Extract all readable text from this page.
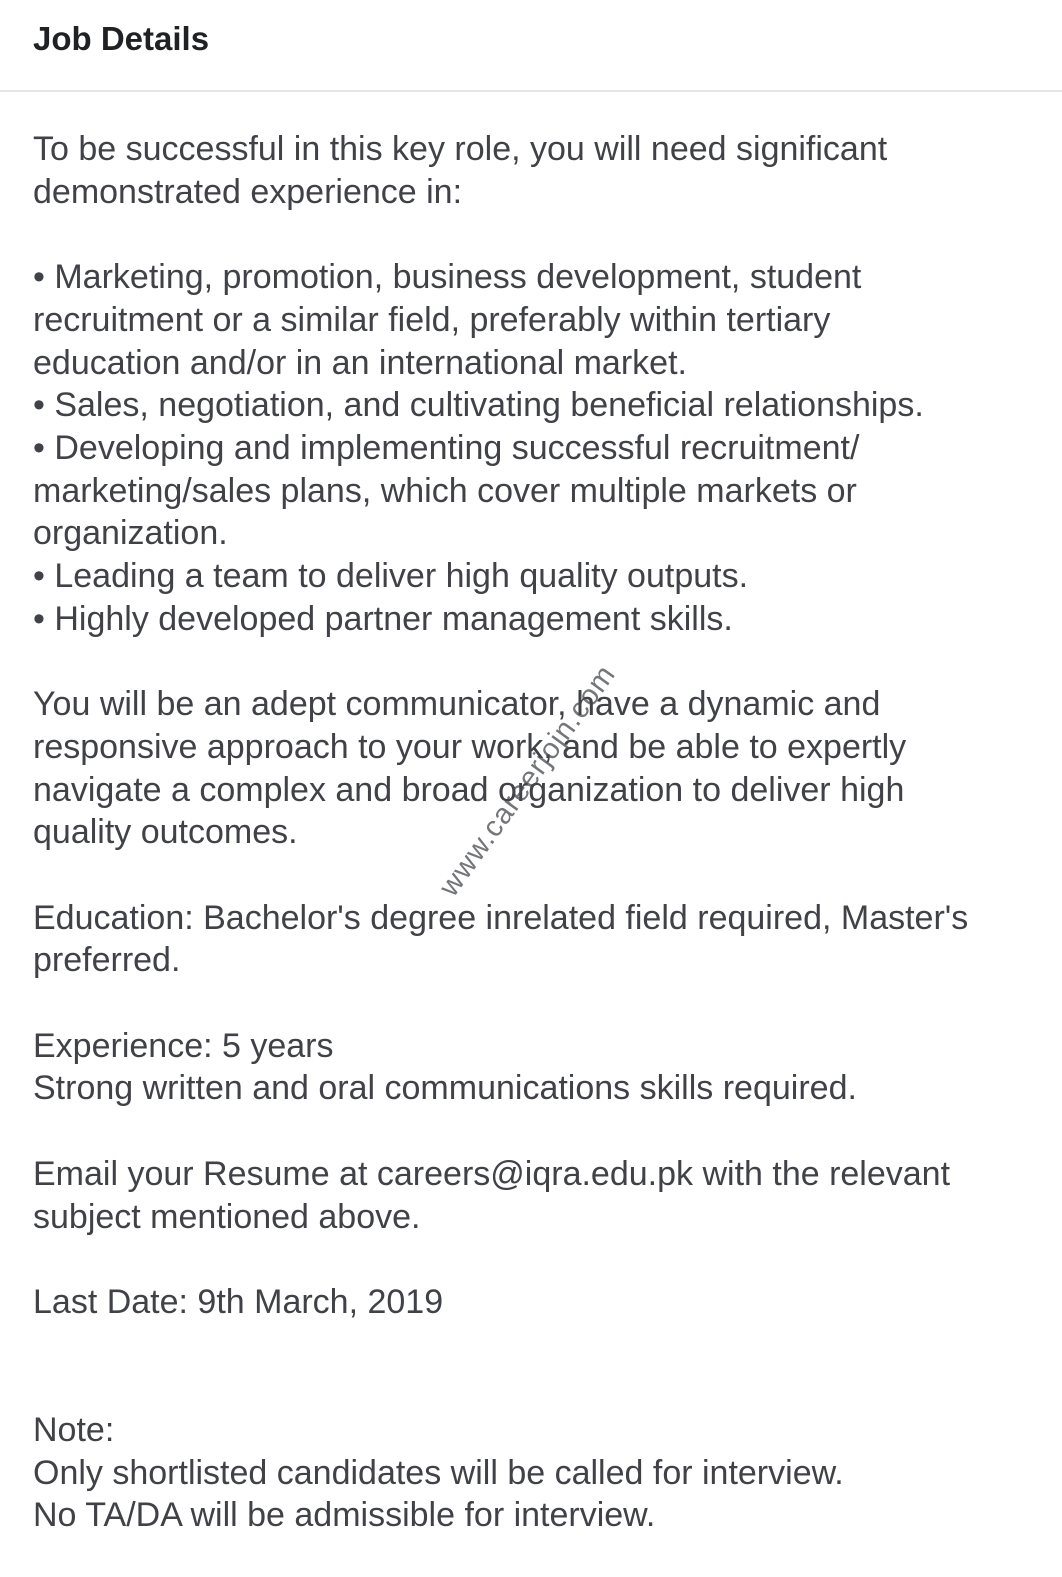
Job Details
To be successful in this key role, you will need significant
demonstrated experience in:
• Marketing, promotion, business development, student
recruitment or a similar field, preferably within tertiary
education and/or in an international market.
• Sales, negotiation, and cultivating beneficial relationships.
• Developing and implementing successful recruitment/
marketing/sales plans, which cover multiple markets or
organization.
• Leading a team to deliver high quality outputs.
• Highly developed partner management skills.
You will be an adept communicator, have a dynamic and
responsive approach to your work, and be able to expertly
navigate a complex and broad organization to deliver high
quality outcomes.
Education: Bachelor's degree inrelated field required, Master's
preferred.
Experience: 5 years
Strong written and oral communications skills required.
Email your Resume at careers@iqra.edu.pk with the relevant
subject mentioned above.
Last Date: 9th March, 2019
Note:
Only shortlisted candidates will be called for interview.
No TA/DA will be admissible for interview.
www.careerjojn.com
